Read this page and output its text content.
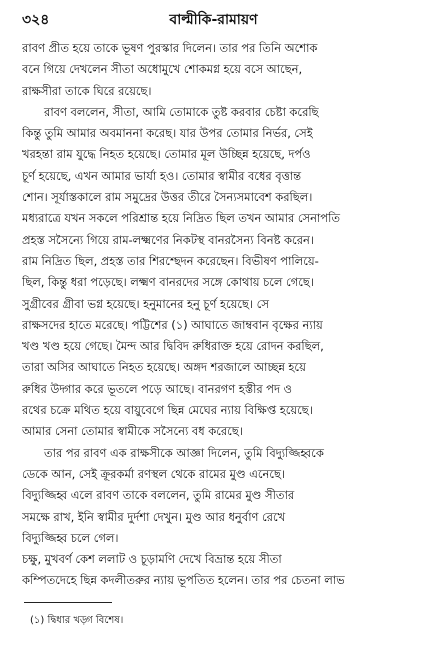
৩২৪	বাল্মীকি-রামায়ণ
রাবণ প্রীত হয়ে তাকে ভূষণ পুরস্কার দিলেন। তার পর তিনি অশোক
বনে গিয়ে দেখলেন সীতা অধোমুখে শোকমগ্ন হয়ে বসে আছেন,
রাক্ষসীরা তাকে ঘিরে রয়েছে।
রাবণ বললেন, সীতা, আমি তোমাকে তুষ্ট করবার চেষ্টা করেছি
কিন্তু তুমি আমার অবমাননা করেছ। যার উপর তোমার নির্ভর, সেই
খরহন্তা রাম যুদ্ধে নিহত হয়েছে। তোমার মূল উচ্ছিন্ন হয়েছে, দর্পও
চূর্ণ হয়েছে, এখন আমার ভার্যা হও। তোমার স্বামীর বধের বৃত্তান্ত
শোন। সূর্যাস্তকালে রাম সমুদ্রের উত্তর তীরে সৈন্যসমাবেশ করছিল।
মধ্যরাত্রে যখন সকলে পরিশ্রান্ত হয়ে নিদ্রিত ছিল তখন আমার সেনাপতি
প্রহস্ত সসৈন্যে গিয়ে রাম-লক্ষ্মণের নিকটস্থ বানরসৈন্য বিনষ্ট করেন।
রাম নিদ্রিত ছিল, প্রহস্ত তার শিরশ্ছেদন করেছেন। বিভীষণ পালিয়ে-
ছিল, কিন্তু ধরা পড়েছে। লক্ষ্মণ বানরদের সঙ্গে কোথায় চলে গেছে।
সুগ্রীবের গ্রীবা ভগ্ন হয়েছে। হনুমানের হনু চূর্ণ হয়েছে। সে
রাক্ষসদের হাতে মরেছে। পট্টিশের (১) আঘাতে জাম্ববান বৃক্ষের ন্যায়
খণ্ড খণ্ড হয়ে গেছে। মৈন্দ আর দ্বিবিদ রুধিরাক্ত হয়ে রোদন করছিল,
তারা অসির আঘাতে নিহত হয়েছে। অঙ্গদ শরজালে আচ্ছন্ন হয়ে
রুধির উদ্গার করে ভূতলে পড়ে আছে। বানরগণ হস্তীর পদ ও
রথের চক্রে মথিত হয়ে বায়ুবেগে ছিন্ন মেঘের ন্যায় বিক্ষিপ্ত হয়েছে।
আমার সেনা তোমার স্বামীকে সসৈন্যে বধ করেছে।
তার পর রাবণ এক রাক্ষসীকে আজ্ঞা দিলেন, তুমি বিদ্যুজ্জিহ্বকে
ডেকে আন, সেই ক্রূরকর্মা রণস্থল থেকে রামের মুণ্ড এনেছে।
বিদ্যুজ্জিহ্ব এলে রাবণ তাকে বললেন, তুমি রামের মুণ্ড সীতার
সমক্ষে রাখ, ইনি স্বামীর দুর্দশা দেখুন। মুণ্ড আর ধনুর্বাণ রেখে
বিদ্যুজ্জিহ্ব চলে গেল।
চক্ষু, মুখবর্ণ কেশ ললাট ও চূড়ামণি দেখে বিভ্রান্ত হয়ে সীতা
কম্পিতদেহে ছিন্ন কদলীতরুর ন্যায় ভূপতিত হলেন। তার পর চেতনা লাভ
(১) দ্বিধার খড়্গ বিশেষ।
